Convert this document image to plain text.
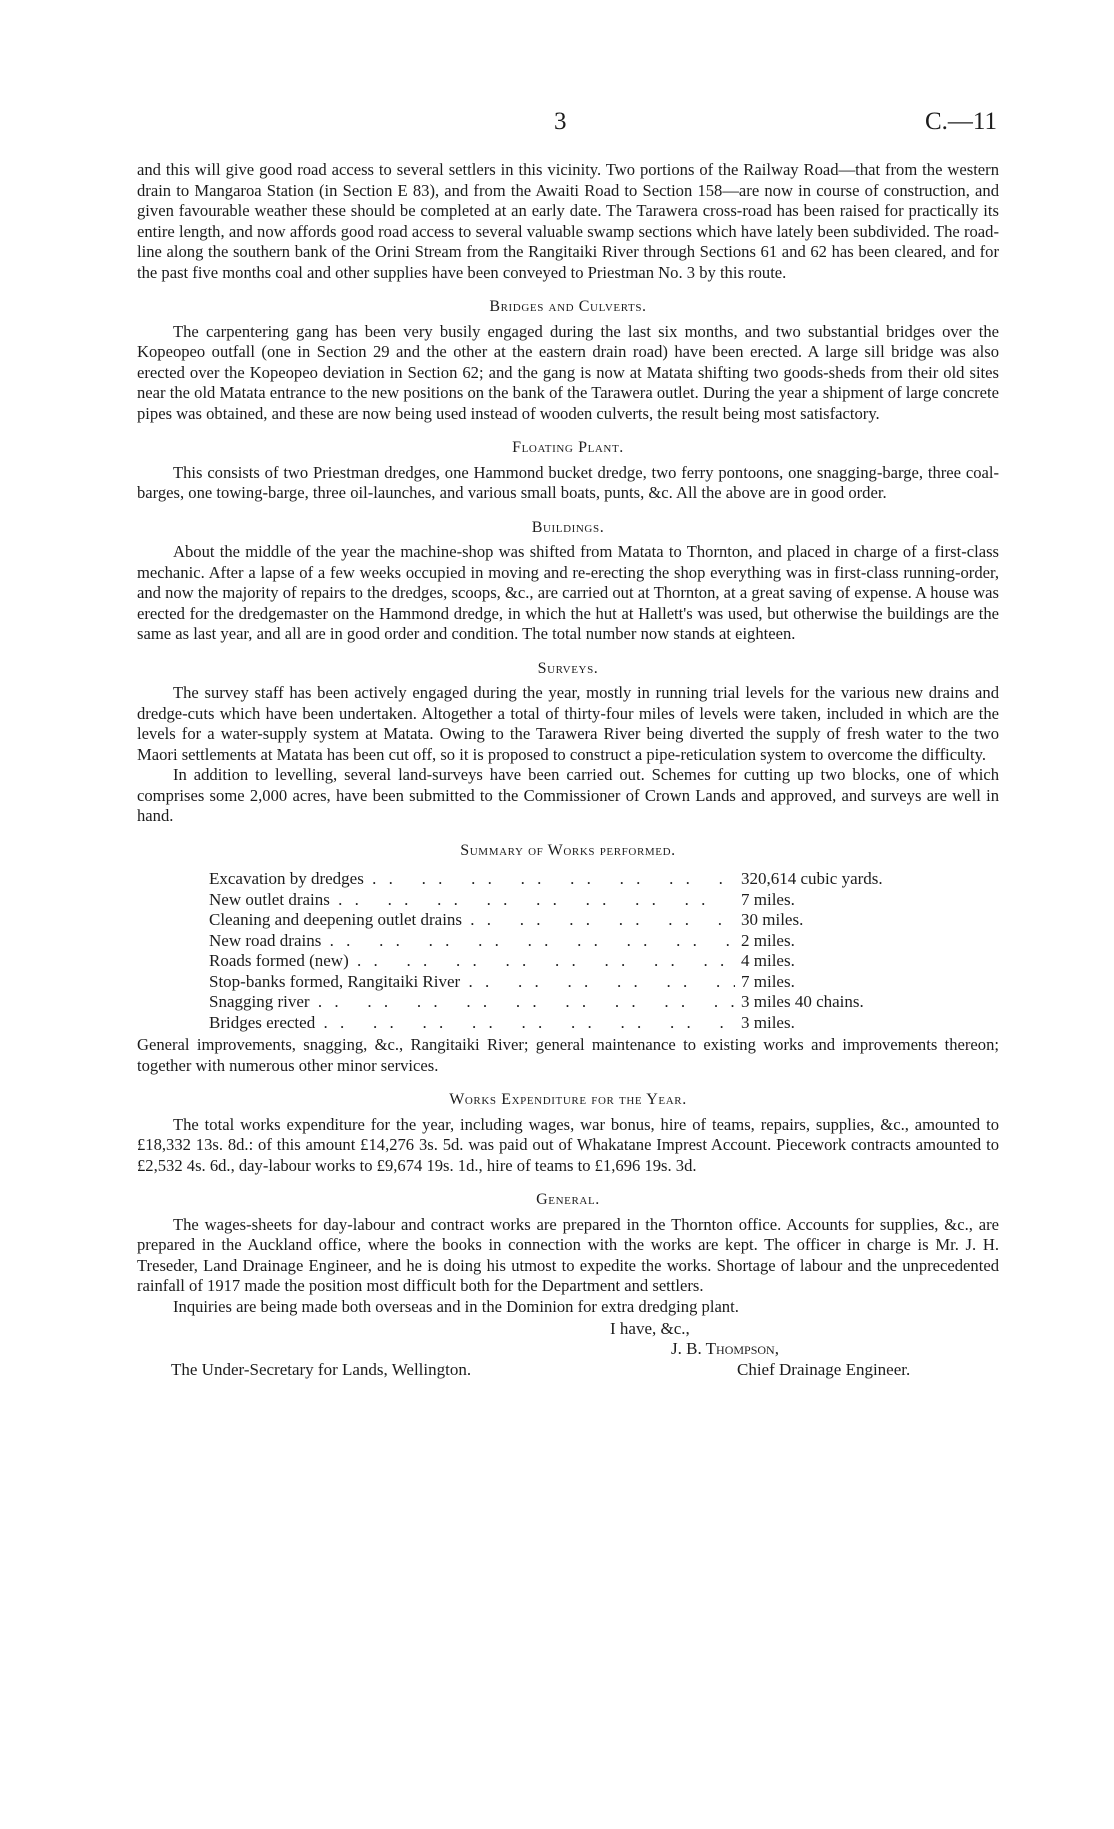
3	C.—11

and this will give good road access to several settlers in this vicinity. Two portions of the Railway Road—that from the western drain to Mangaroa Station (in Section E 83), and from the Awaiti Road to Section 158—are now in course of construction, and given favourable weather these should be completed at an early date. The Tarawera cross-road has been raised for practically its entire length, and now affords good road access to several valuable swamp sections which have lately been subdivided. The road-line along the southern bank of the Orini Stream from the Rangitaiki River through Sections 61 and 62 has been cleared, and for the past five months coal and other supplies have been conveyed to Priestman No. 3 by this route.

Bridges and Culverts.

The carpentering gang has been very busily engaged during the last six months, and two substantial bridges over the Kopeopeo outfall (one in Section 29 and the other at the eastern drain road) have been erected. A large sill bridge was also erected over the Kopeopeo deviation in Section 62; and the gang is now at Matata shifting two goods-sheds from their old sites near the old Matata entrance to the new positions on the bank of the Tarawera outlet. During the year a shipment of large concrete pipes was obtained, and these are now being used instead of wooden culverts, the result being most satisfactory.

Floating Plant.

This consists of two Priestman dredges, one Hammond bucket dredge, two ferry pontoons, one snagging-barge, three coal-barges, one towing-barge, three oil-launches, and various small boats, punts, &c. All the above are in good order.

Buildings.

About the middle of the year the machine-shop was shifted from Matata to Thornton, and placed in charge of a first-class mechanic. After a lapse of a few weeks occupied in moving and re-erecting the shop everything was in first-class running-order, and now the majority of repairs to the dredges, scoops, &c., are carried out at Thornton, at a great saving of expense. A house was erected for the dredgemaster on the Hammond dredge, in which the hut at Hallett's was used, but otherwise the buildings are the same as last year, and all are in good order and condition. The total number now stands at eighteen.

Surveys.

The survey staff has been actively engaged during the year, mostly in running trial levels for the various new drains and dredge-cuts which have been undertaken. Altogether a total of thirty-four miles of levels were taken, included in which are the levels for a water-supply system at Matata. Owing to the Tarawera River being diverted the supply of fresh water to the two Maori settlements at Matata has been cut off, so it is proposed to construct a pipe-reticulation system to overcome the difficulty.

In addition to levelling, several land-surveys have been carried out. Schemes for cutting up two blocks, one of which comprises some 2,000 acres, have been submitted to the Commissioner of Crown Lands and approved, and surveys are well in hand.

Summary of Works performed.
Excavation by dredges . .	320,614 cubic yards.
New outlet drains . .	7 miles.
Cleaning and deepening outlet drains . .	30 miles.
New road drains . .	2 miles.
Roads formed (new) . .	4 miles.
Stop-banks formed, Rangitaiki River . .	7 miles.
Snagging river . .	3 miles 40 chains.
Bridges erected . .	3 miles.

General improvements, snagging, &c., Rangitaiki River; general maintenance to existing works and improvements thereon; together with numerous other minor services.

Works Expenditure for the Year.

The total works expenditure for the year, including wages, war bonus, hire of teams, repairs, supplies, &c., amounted to £18,332 13s. 8d.: of this amount £14,276 3s. 5d. was paid out of Whakatane Imprest Account. Piecework contracts amounted to £2,532 4s. 6d., day-labour works to £9,674 19s. 1d., hire of teams to £1,696 19s. 3d.

General.

The wages-sheets for day-labour and contract works are prepared in the Thornton office. Accounts for supplies, &c., are prepared in the Auckland office, where the books in connection with the works are kept. The officer in charge is Mr. J. H. Treseder, Land Drainage Engineer, and he is doing his utmost to expedite the works. Shortage of labour and the unprecedented rainfall of 1917 made the position most difficult both for the Department and settlers.

Inquiries are being made both overseas and in the Dominion for extra dredging plant.

I have, &c.,
J. B. Thompson,
Chief Drainage Engineer.
The Under-Secretary for Lands, Wellington.
